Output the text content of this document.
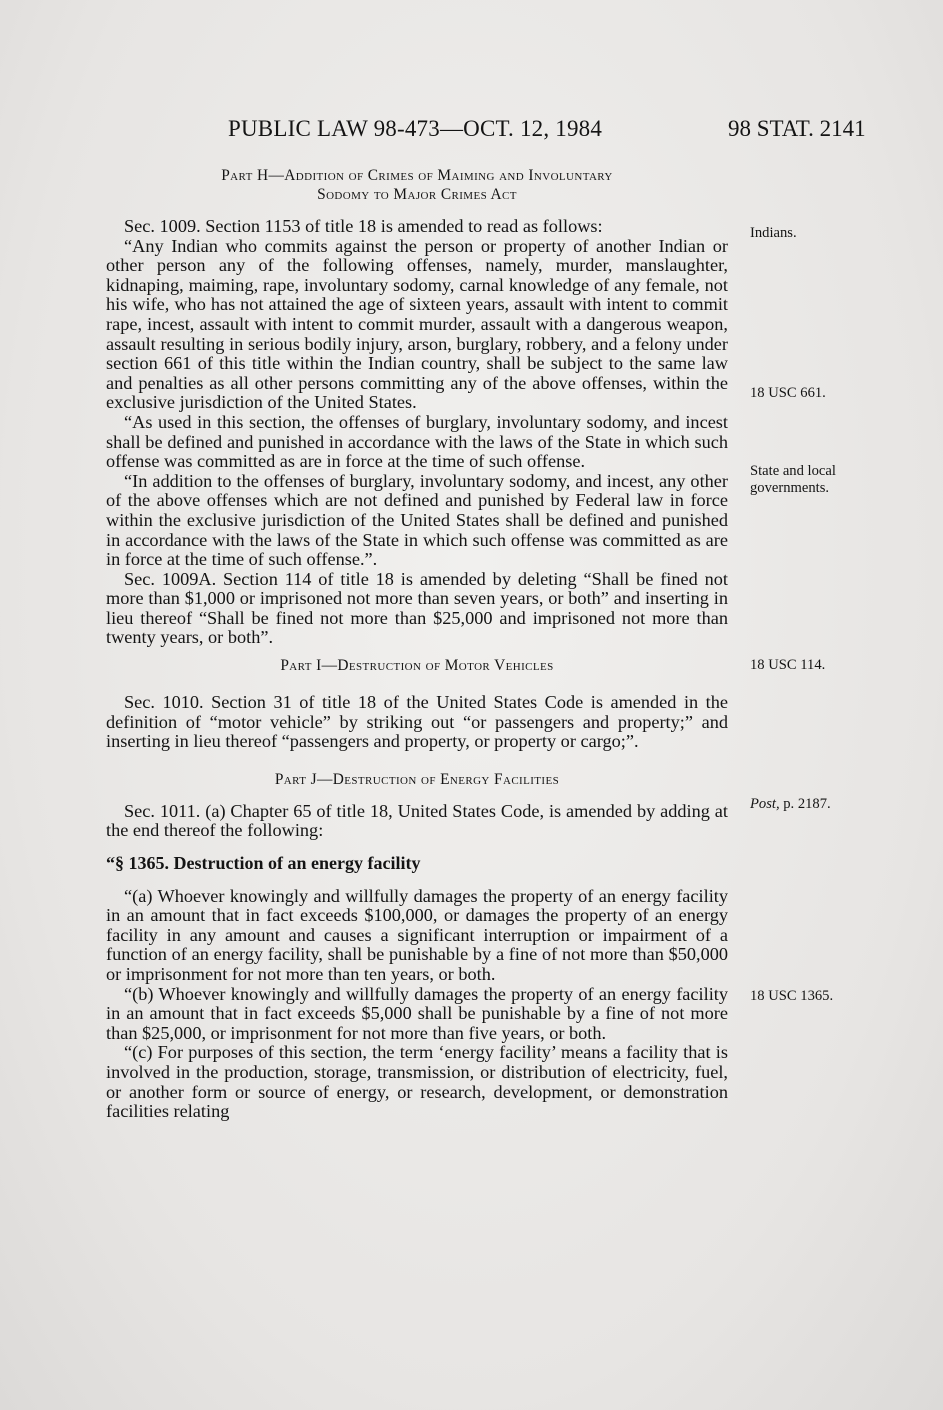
PUBLIC LAW 98-473—OCT. 12, 1984	98 STAT. 2141
Part H—Addition of Crimes of Maiming and Involuntary
Sodomy to Major Crimes Act

Sec. 1009. Section 1153 of title 18 is amended to read as follows:

“Any Indian who commits against the person or property of another Indian or other person any of the following offenses, namely, murder, manslaughter, kidnaping, maiming, rape, involuntary sodomy, carnal knowledge of any female, not his wife, who has not attained the age of sixteen years, assault with intent to commit rape, incest, assault with intent to commit murder, assault with a dangerous weapon, assault resulting in serious bodily injury, arson, burglary, robbery, and a felony under section 661 of this title within the Indian country, shall be subject to the same law and penalties as all other persons committing any of the above offenses, within the exclusive jurisdiction of the United States.

“As used in this section, the offenses of burglary, involuntary sodomy, and incest shall be defined and punished in accordance with the laws of the State in which such offense was committed as are in force at the time of such offense.

“In addition to the offenses of burglary, involuntary sodomy, and incest, any other of the above offenses which are not defined and punished by Federal law in force within the exclusive jurisdiction of the United States shall be defined and punished in accordance with the laws of the State in which such offense was committed as are in force at the time of such offense.”.

Sec. 1009A. Section 114 of title 18 is amended by deleting “Shall be fined not more than $1,000 or imprisoned not more than seven years, or both” and inserting in lieu thereof “Shall be fined not more than $25,000 and imprisoned not more than twenty years, or both”.

Part I—Destruction of Motor Vehicles

Sec. 1010. Section 31 of title 18 of the United States Code is amended in the definition of “motor vehicle” by striking out “or passengers and property;” and inserting in lieu thereof “passengers and property, or property or cargo;”.

Part J—Destruction of Energy Facilities

Sec. 1011. (a) Chapter 65 of title 18, United States Code, is amended by adding at the end thereof the following:

“§ 1365. Destruction of an energy facility

“(a) Whoever knowingly and willfully damages the property of an energy facility in an amount that in fact exceeds $100,000, or damages the property of an energy facility in any amount and causes a significant interruption or impairment of a function of an energy facility, shall be punishable by a fine of not more than $50,000 or imprisonment for not more than ten years, or both.

“(b) Whoever knowingly and willfully damages the property of an energy facility in an amount that in fact exceeds $5,000 shall be punishable by a fine of not more than $25,000, or imprisonment for not more than five years, or both.

“(c) For purposes of this section, the term ‘energy facility’ means a facility that is involved in the production, storage, transmission, or distribution of electricity, fuel, or another form or source of energy, or research, development, or demonstration facilities relating

Indians.
18 USC 661.
State and local
governments.
18 USC 114.
Post, p. 2187.
18 USC 1365.
